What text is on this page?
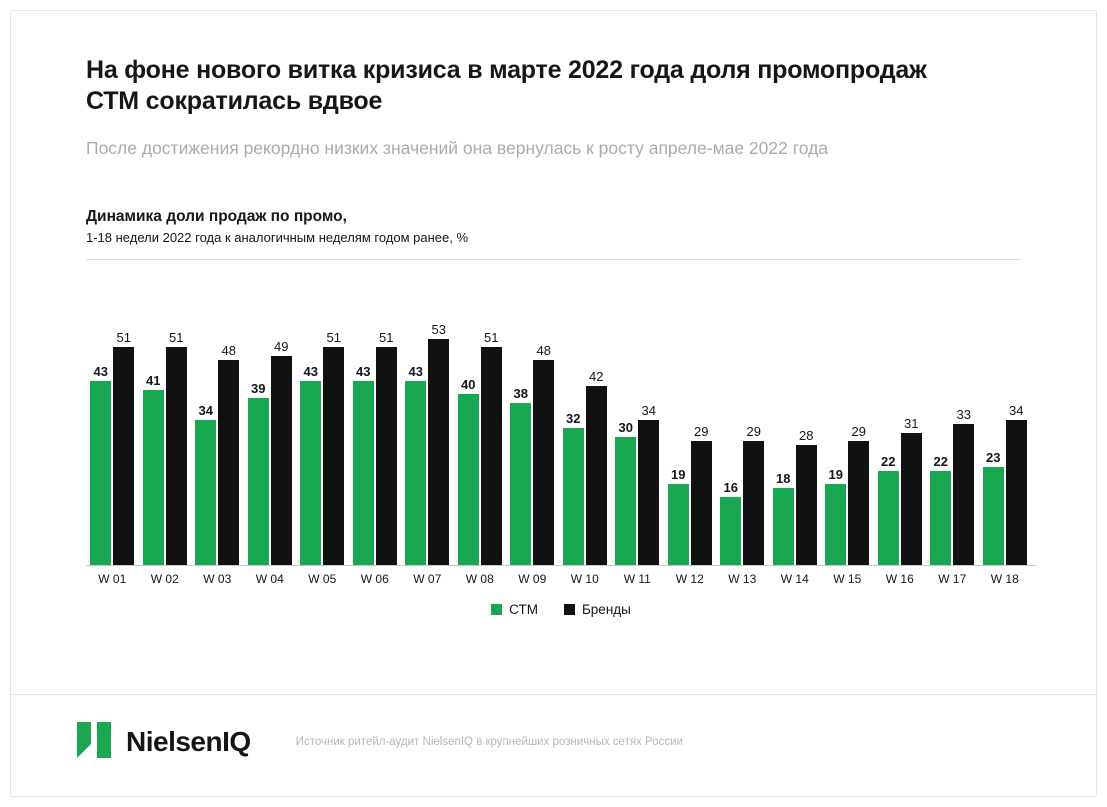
На фоне нового витка кризиса в марте 2022 года доля промопродаж СТМ сократилась вдвое

После достижения рекордно низких значений она вернулась к росту апреле-мае 2022 года

Динамика доли продаж по промо,
1-18 недели 2022 года к аналогичным неделям годом ранее, %
43
51
41
51
34
48
39
49
43
51
43
51
43
53
40
51
38
48
32
42
30
34
19
29
16
29
18
28
19
29
22
31
22
33
23
34
W 01	W 02	W 03	W 04	W 05	W 06	W 07	W 08	W 09	W 10	W 11	W 12	W 13	W 14	W 15	W 16	W 17	W 18
СТМ	Бренды
NielsenIQ	Источник ритейл-аудит NielsenIQ в крупнейших розничных сетях России
